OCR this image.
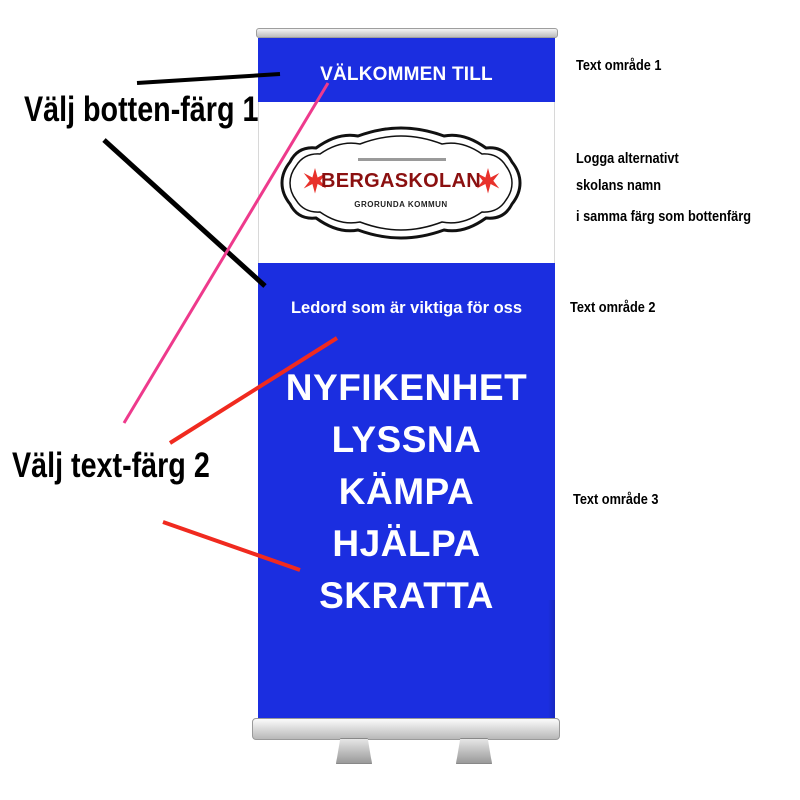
VÄLKOMMEN TILL
BERGASKOLAN
GRORUNDA KOMMUN
Ledord som är viktiga för oss
NYFIKENHET
LYSSNA
KÄMPA
HJÄLPA
SKRATTA
Välj botten-färg 1
Välj text-färg 2
Text område 1
Logga alternativt
skolans namn
i samma färg som bottenfärg
Text område 2
Text område 3
